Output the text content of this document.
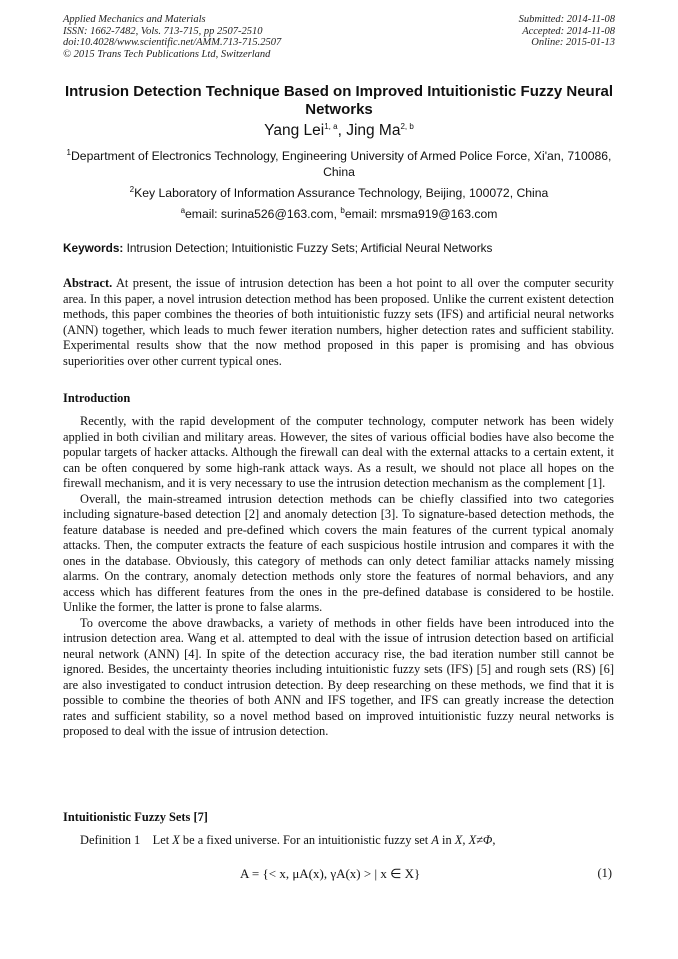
Applied Mechanics and Materials
ISSN: 1662-7482, Vols. 713-715, pp 2507-2510
doi:10.4028/www.scientific.net/AMM.713-715.2507
© 2015 Trans Tech Publications Ltd, Switzerland
Submitted: 2014-11-08
Accepted: 2014-11-08
Online: 2015-01-13
Intrusion Detection Technique Based on Improved Intuitionistic Fuzzy Neural Networks
Yang Lei$^{1, a}$, Jing Ma$^{2, b}$
$^1$Department of Electronics Technology, Engineering University of Armed Police Force, Xi'an, 710086, China
$^2$Key Laboratory of Information Assurance Technology, Beijing, 100072, China
$^a$email: surina526@163.com, $^b$email: mrsma919@163.com
Keywords: Intrusion Detection; Intuitionistic Fuzzy Sets; Artificial Neural Networks

Abstract. At present, the issue of intrusion detection has been a hot point to all over the computer security area. In this paper, a novel intrusion detection method has been proposed. Unlike the current existent detection methods, this paper combines the theories of both intuitionistic fuzzy sets (IFS) and artificial neural networks (ANN) together, which leads to much fewer iteration numbers, higher detection rates and sufficient stability. Experimental results show that the now method proposed in this paper is promising and has obvious superiorities over other current typical ones.

Introduction

Recently, with the rapid development of the computer technology, computer network has been widely applied in both civilian and military areas. However, the sites of various official bodies have also become the popular targets of hacker attacks. Although the firewall can deal with the external attacks to a certain extent, it can be often conquered by some high-rank attack ways. As a result, we should not place all hopes on the firewall mechanism, and it is very necessary to use the intrusion detection mechanism as the complement [1].

Overall, the main-streamed intrusion detection methods can be chiefly classified into two categories including signature-based detection [2] and anomaly detection [3]. To signature-based detection methods, the feature database is needed and pre-defined which covers the main features of the current typical anomaly attacks. Then, the computer extracts the feature of each suspicious hostile intrusion and compares it with the ones in the database. Obviously, this category of methods can only detect familiar attacks namely missing alarms. On the contrary, anomaly detection methods only store the features of normal behaviors, and any access which has different features from the ones in the pre-defined database is considered to be hostile. Unlike the former, the latter is prone to false alarms.

To overcome the above drawbacks, a variety of methods in other fields have been introduced into the intrusion detection area. Wang et al. attempted to deal with the issue of intrusion detection based on artificial neural network (ANN) [4]. In spite of the detection accuracy rise, the bad iteration number still cannot be ignored. Besides, the uncertainty theories including intuitionistic fuzzy sets (IFS) [5] and rough sets (RS) [6] are also investigated to conduct intrusion detection. By deep researching on these methods, we find that it is possible to combine the theories of both ANN and IFS together, and IFS can greatly increase the detection rates and sufficient stability, so a novel method based on improved intuitionistic fuzzy neural networks is proposed to deal with the issue of intrusion detection.

Intuitionistic Fuzzy Sets [7]
Definition 1 Let X be a fixed universe. For an intuitionistic fuzzy set A in X, X≠Φ,
A = {< x, μA(x), γA(x) > | x ∈ X}	(1)
